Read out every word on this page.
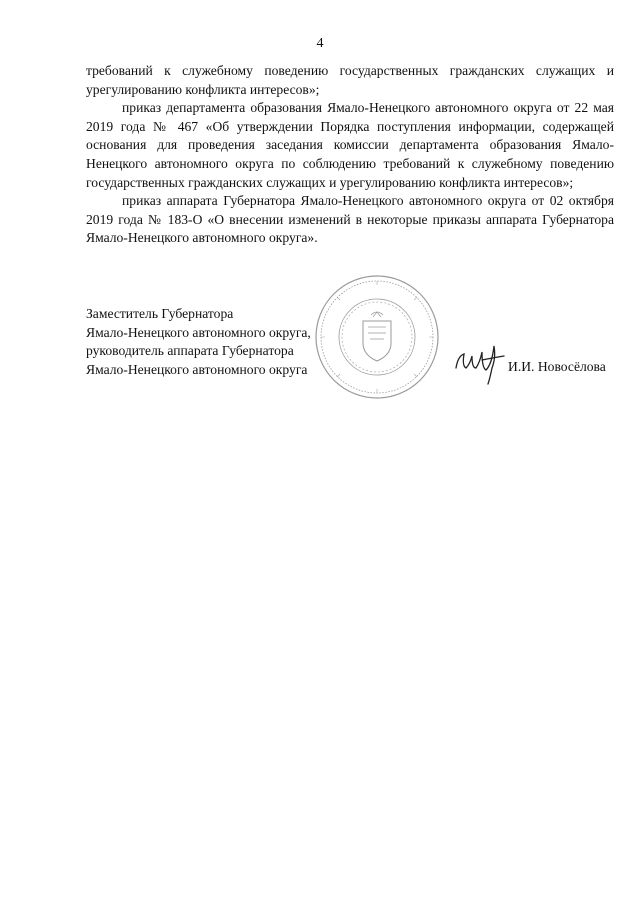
4

требований к служебному поведению государственных гражданских служащих и урегулированию конфликта интересов»;

приказ департамента образования Ямало-Ненецкого автономного округа от 22 мая 2019 года № 467 «Об утверждении Порядка поступления информации, содержащей основания для проведения заседания комиссии департамента образования Ямало-Ненецкого автономного округа по соблюдению требований к служебному поведению государственных гражданских служащих и урегулированию конфликта интересов»;

приказ аппарата Губернатора Ямало-Ненецкого автономного округа от 02 октября 2019 года № 183-О «О внесении изменений в некоторые приказы аппарата Губернатора Ямало-Ненецкого автономного округа».

Заместитель Губернатора
Ямало-Ненецкого автономного округа,
руководитель аппарата Губернатора
Ямало-Ненецкого автономного округа	И.И. Новосёлова
